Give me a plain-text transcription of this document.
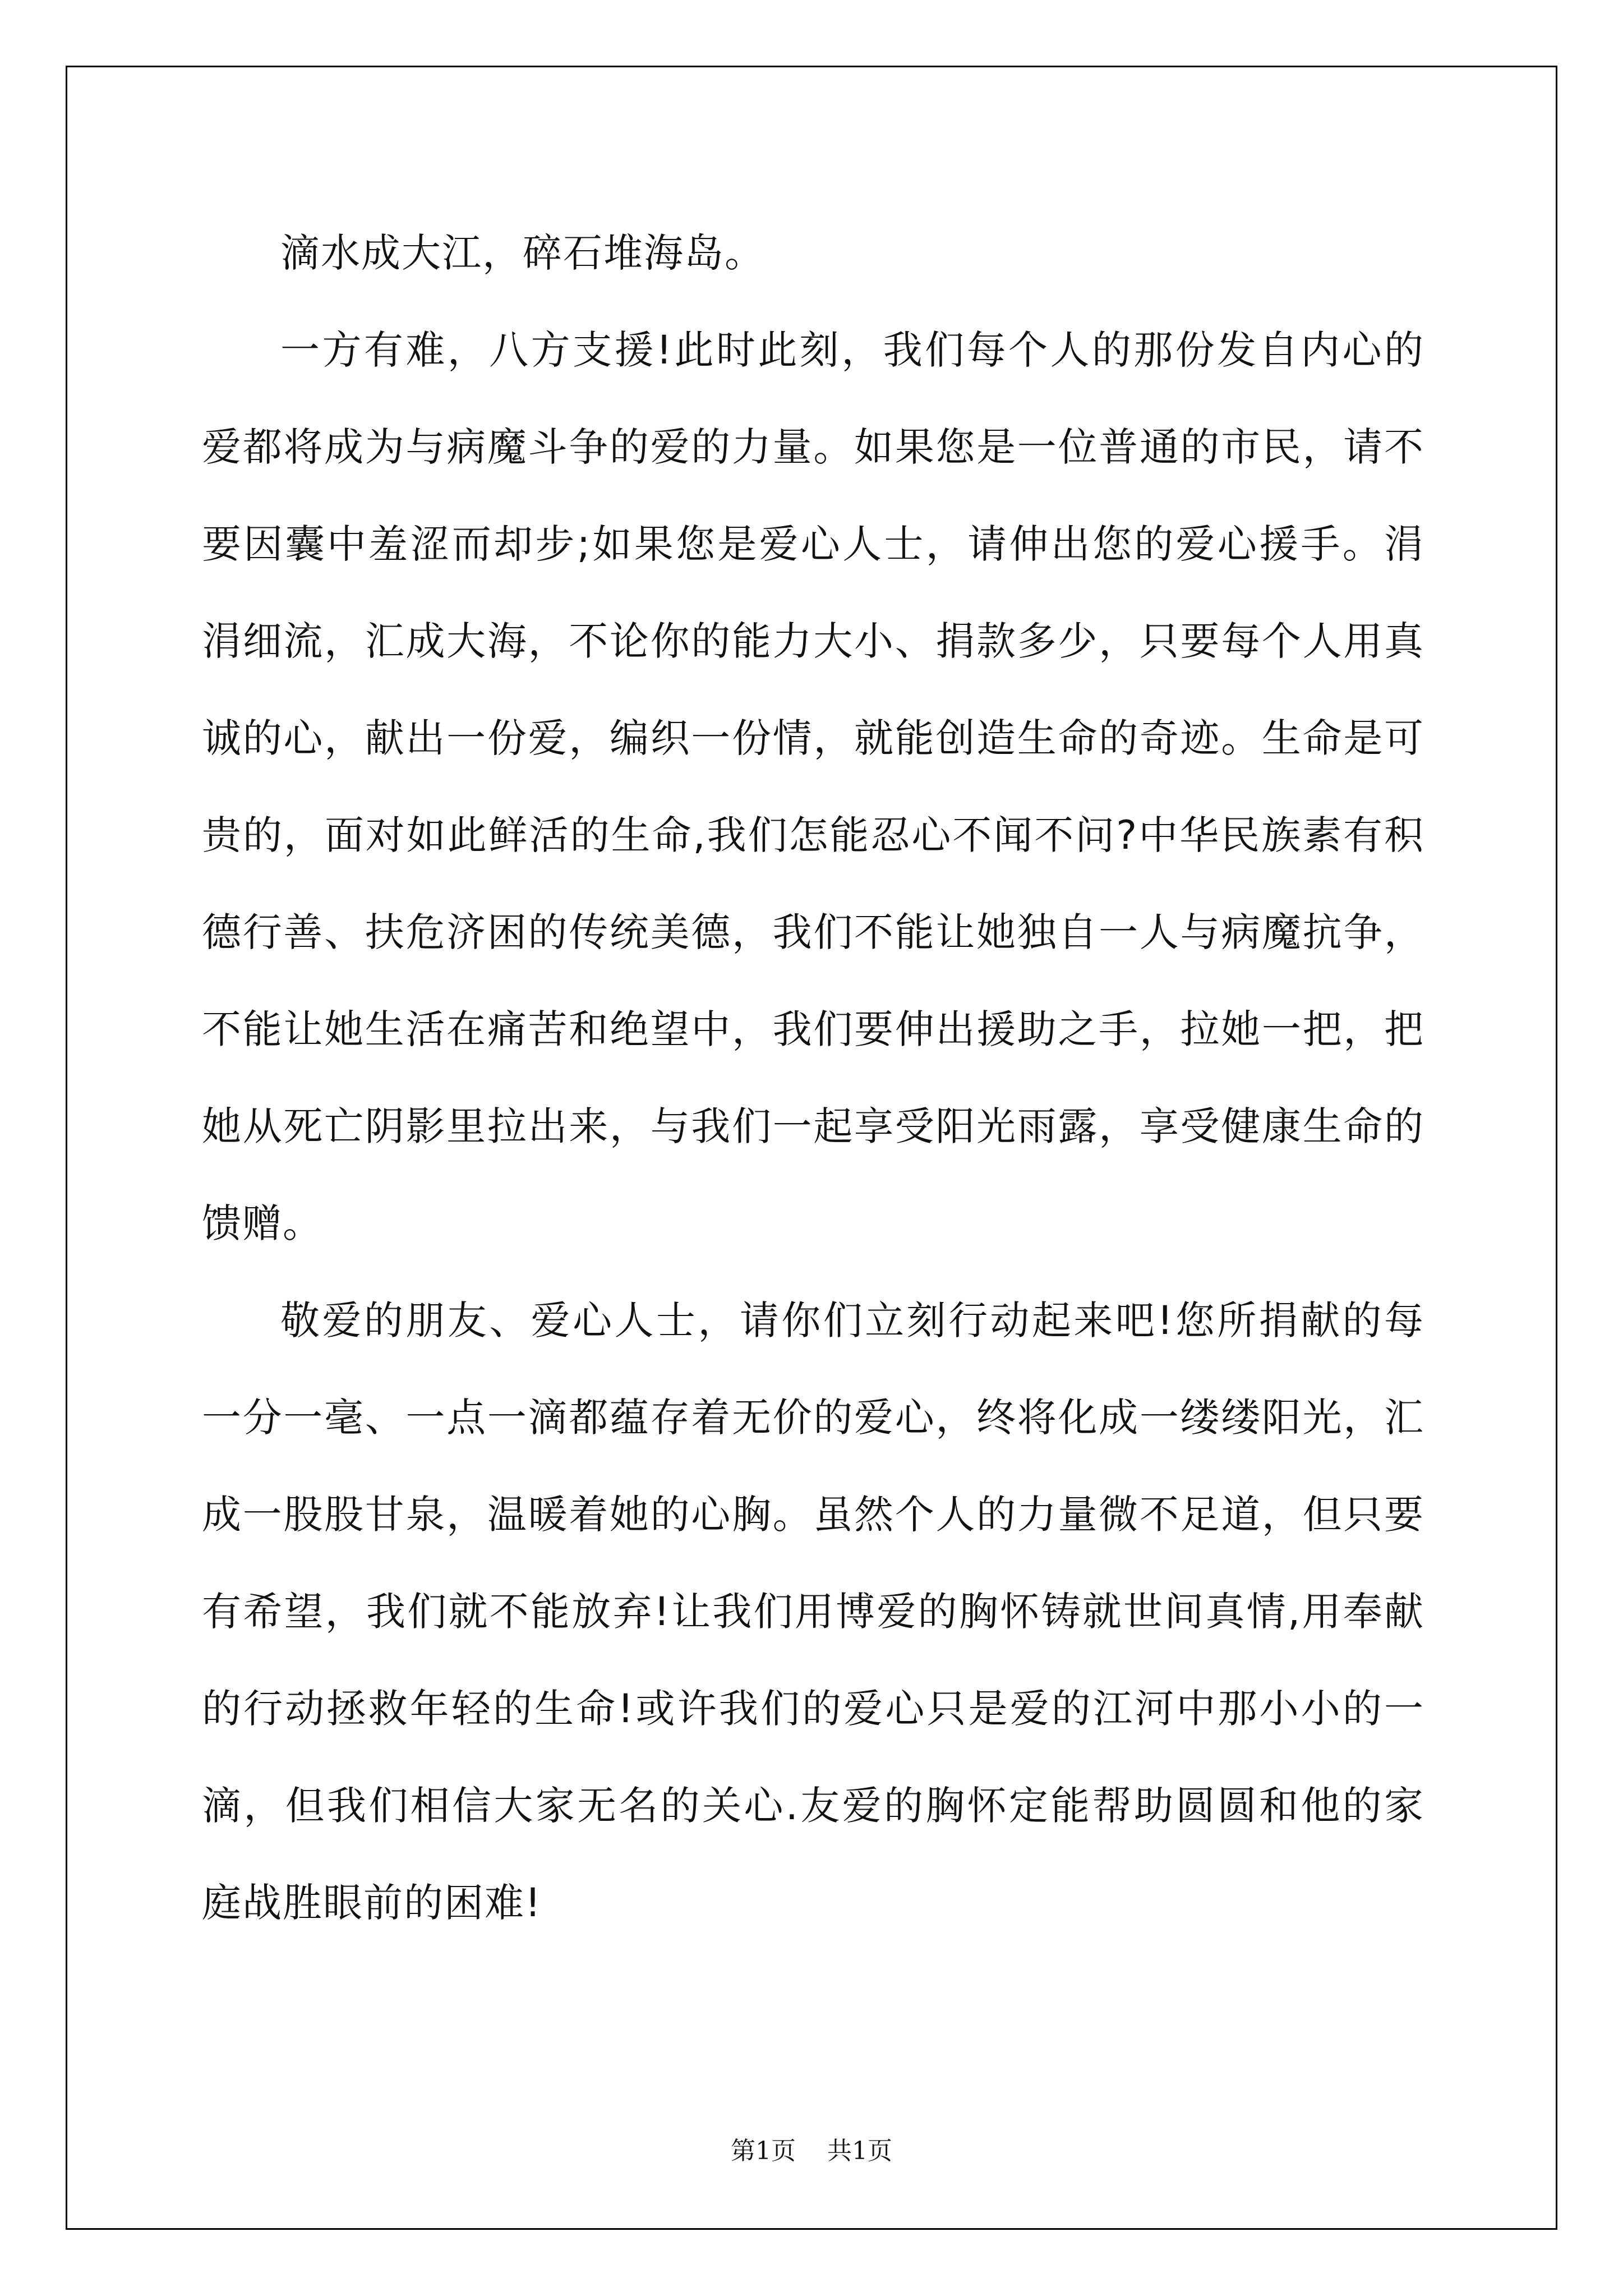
滴水成大江，碎石堆海岛。

一方有难，八方支援!此时此刻，我们每个人的那份发自内心的爱都将成为与病魔斗争的爱的力量。如果您是一位普通的市民，请不要因囊中羞涩而却步;如果您是爱心人士，请伸出您的爱心援手。涓涓细流，汇成大海，不论你的能力大小、捐款多少，只要每个人用真诚的心，献出一份爱，编织一份情，就能创造生命的奇迹。生命是可贵的，面对如此鲜活的生命,我们怎能忍心不闻不问?中华民族素有积德行善、扶危济困的传统美德，我们不能让她独自一人与病魔抗争，不能让她生活在痛苦和绝望中，我们要伸出援助之手，拉她一把，把她从死亡阴影里拉出来，与我们一起享受阳光雨露，享受健康生命的馈赠。

敬爱的朋友、爱心人士，请你们立刻行动起来吧!您所捐献的每一分一毫、一点一滴都蕴存着无价的爱心，终将化成一缕缕阳光，汇成一股股甘泉，温暖着她的心胸。虽然个人的力量微不足道，但只要有希望，我们就不能放弃!让我们用博爱的胸怀铸就世间真情,用奉献的行动拯救年轻的生命!或许我们的爱心只是爱的江河中那小小的一滴，但我们相信大家无名的关心.友爱的胸怀定能帮助圆圆和他的家庭战胜眼前的困难!

第1页 共1页
